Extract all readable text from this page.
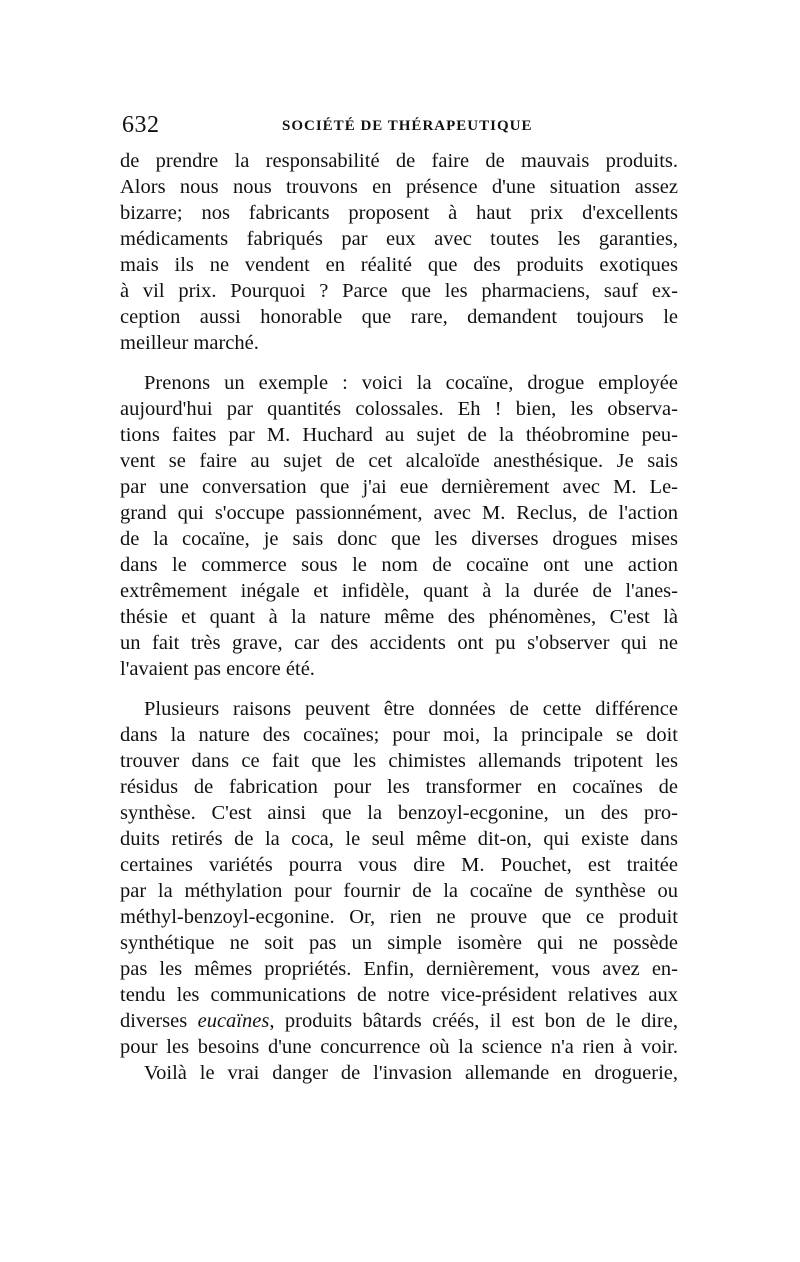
632	SOCIÉTÉ DE THÉRAPEUTIQUE
de prendre la responsabilité de faire de mauvais produits.
Alors nous nous trouvons en présence d'une situation assez
bizarre; nos fabricants proposent à haut prix d'excellents
médicaments fabriqués par eux avec toutes les garanties,
mais ils ne vendent en réalité que des produits exotiques
à vil prix. Pourquoi ? Parce que les pharmaciens, sauf ex-
ception aussi honorable que rare, demandent toujours le
meilleur marché.
Prenons un exemple : voici la cocaïne, drogue employée
aujourd'hui par quantités colossales. Eh ! bien, les observa-
tions faites par M. Huchard au sujet de la théobromine peu-
vent se faire au sujet de cet alcaloïde anesthésique. Je sais
par une conversation que j'ai eue dernièrement avec M. Le-
grand qui s'occupe passionnément, avec M. Reclus, de l'action
de la cocaïne, je sais donc que les diverses drogues mises
dans le commerce sous le nom de cocaïne ont une action
extrêmement inégale et infidèle, quant à la durée de l'anes-
thésie et quant à la nature même des phénomènes, C'est là
un fait très grave, car des accidents ont pu s'observer qui ne
l'avaient pas encore été.
Plusieurs raisons peuvent être données de cette différence
dans la nature des cocaïnes; pour moi, la principale se doit
trouver dans ce fait que les chimistes allemands tripotent les
résidus de fabrication pour les transformer en cocaïnes de
synthèse. C'est ainsi que la benzoyl-ecgonine, un des pro-
duits retirés de la coca, le seul même dit-on, qui existe dans
certaines variétés pourra vous dire M. Pouchet, est traitée
par la méthylation pour fournir de la cocaïne de synthèse ou
méthyl-benzoyl-ecgonine. Or, rien ne prouve que ce produit
synthétique ne soit pas un simple isomère qui ne possède
pas les mêmes propriétés. Enfin, dernièrement, vous avez en-
tendu les communications de notre vice-président relatives aux
diverses eucaïnes, produits bâtards créés, il est bon de le dire,
pour les besoins d'une concurrence où la science n'a rien à voir.
Voilà le vrai danger de l'invasion allemande en droguerie,
